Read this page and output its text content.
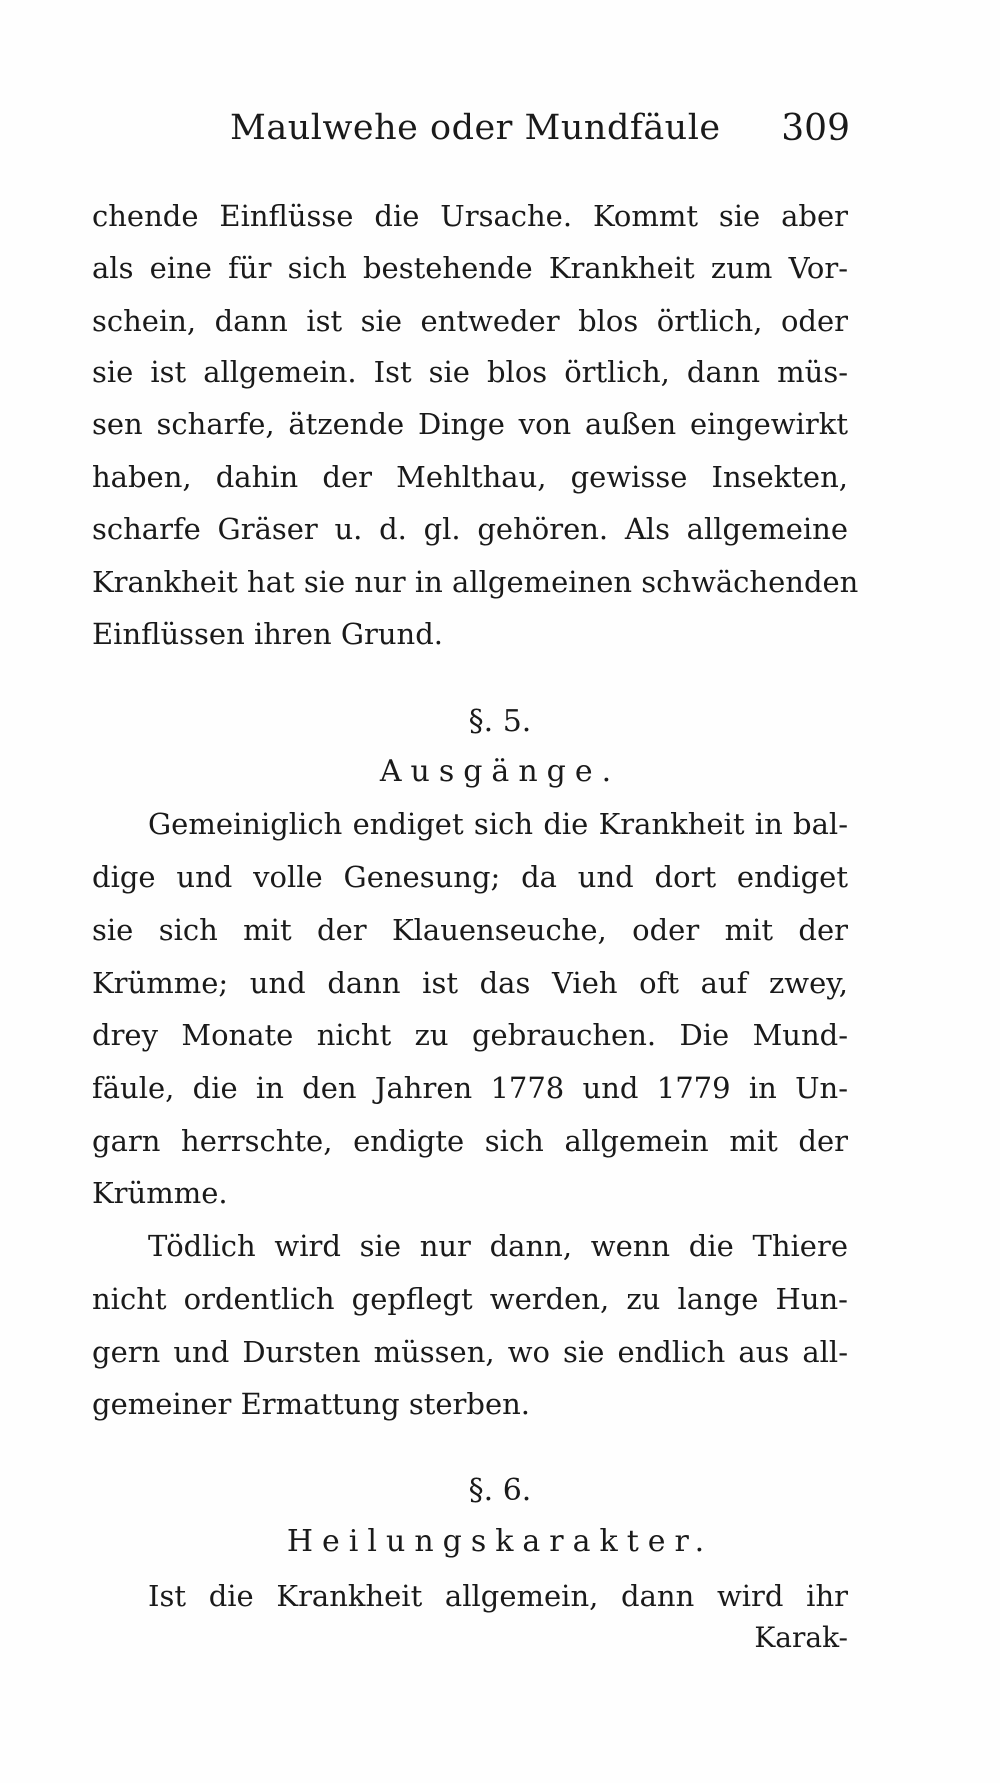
Maulwehe oder Mundfäule 309
chende Einflüsse die Ursache. Kommt sie aber
als eine für sich bestehende Krankheit zum Vor-
schein, dann ist sie entweder blos örtlich, oder
sie ist allgemein. Ist sie blos örtlich, dann müs-
sen scharfe, ätzende Dinge von außen eingewirkt
haben, dahin der Mehlthau, gewisse Insekten,
scharfe Gräser u. d. gl. gehören. Als allgemeine
Krankheit hat sie nur in allgemeinen schwächenden
Einflüssen ihren Grund.
§. 5.
Ausgänge.
Gemeiniglich endiget sich die Krankheit in bal-
dige und volle Genesung; da und dort endiget
sie sich mit der Klauenseuche, oder mit der
Krümme; und dann ist das Vieh oft auf zwey,
drey Monate nicht zu gebrauchen. Die Mund-
fäule, die in den Jahren 1778 und 1779 in Un-
garn herrschte, endigte sich allgemein mit der
Krümme.
Tödlich wird sie nur dann, wenn die Thiere
nicht ordentlich gepflegt werden, zu lange Hun-
gern und Dursten müssen, wo sie endlich aus all-
gemeiner Ermattung sterben.
§. 6.
Heilungskarakter.
Ist die Krankheit allgemein, dann wird ihr
Karak-
